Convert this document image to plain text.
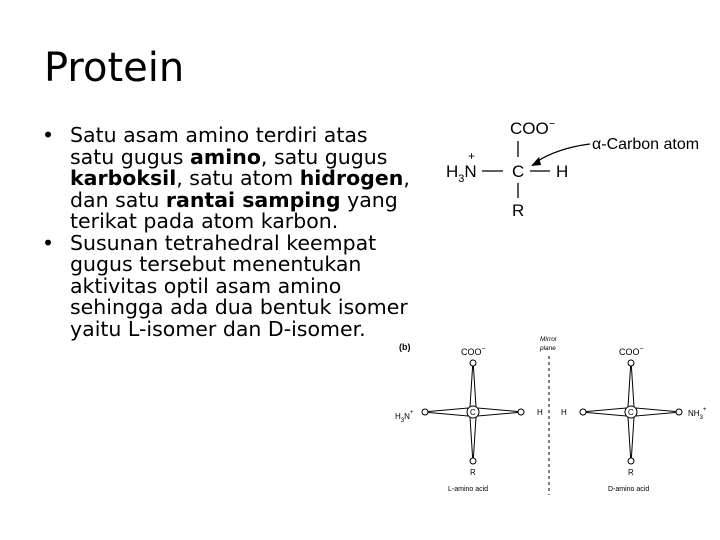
Protein
• Satu asam amino terdiri atas satu gugus amino, satu gugus karboksil, satu atom hidrogen, dan satu rantai samping yang terikat pada atom karbon.
• Susunan tetrahedral keempat gugus tersebut menentukan aktivitas optil asam amino sehingga ada dua bentuk isomer yaitu L-isomer dan D-isomer.
COO−
$H_3N$
+
C H
R
α-Carbon atom
(b)	COO−
C
$H_3N^+$	H
R
L-amino acid
Mirror
plane	COO−
C
H	$NH_3^+$
R
D-amino acid
